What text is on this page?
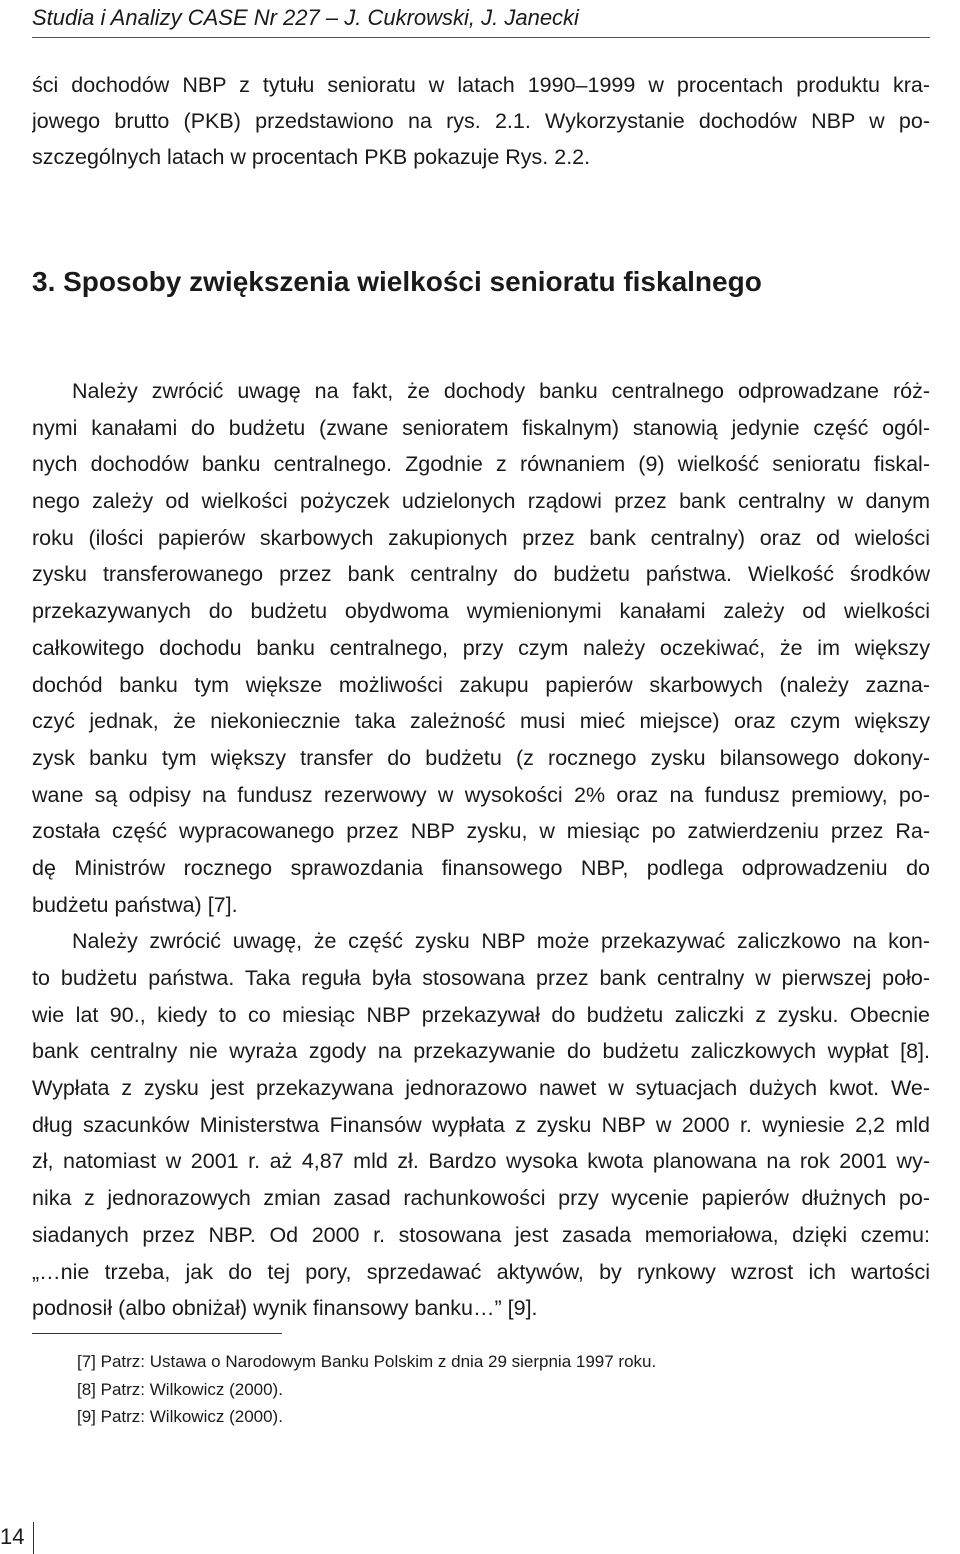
Studia i Analizy CASE Nr 227 – J. Cukrowski, J. Janecki
ści dochodów NBP z tytułu senioratu w latach 1990–1999 w procentach produktu kra-
jowego brutto (PKB) przedstawiono na rys. 2.1. Wykorzystanie dochodów NBP w po-
szczególnych latach w procentach PKB pokazuje Rys. 2.2.
3. Sposoby zwiększenia wielkości senioratu fiskalnego
Należy zwrócić uwagę na fakt, że dochody banku centralnego odprowadzane róż-
nymi kanałami do budżetu (zwane senioratem fiskalnym) stanowią jedynie część ogól-
nych dochodów banku centralnego. Zgodnie z równaniem (9) wielkość senioratu fiskal-
nego zależy od wielkości pożyczek udzielonych rządowi przez bank centralny w danym
roku (ilości papierów skarbowych zakupionych przez bank centralny) oraz od wielości
zysku transferowanego przez bank centralny do budżetu państwa. Wielkość środków
przekazywanych do budżetu obydwoma wymienionymi kanałami zależy od wielkości
całkowitego dochodu banku centralnego, przy czym należy oczekiwać, że im większy
dochód banku tym większe możliwości zakupu papierów skarbowych (należy zazna-
czyć jednak, że niekoniecznie taka zależność musi mieć miejsce) oraz czym większy
zysk banku tym większy transfer do budżetu (z rocznego zysku bilansowego dokony-
wane są odpisy na fundusz rezerwowy w wysokości 2% oraz na fundusz premiowy, po-
została część wypracowanego przez NBP zysku, w miesiąc po zatwierdzeniu przez Ra-
dę Ministrów rocznego sprawozdania finansowego NBP, podlega odprowadzeniu do
budżetu państwa) [7].
Należy zwrócić uwagę, że część zysku NBP może przekazywać zaliczkowo na kon-
to budżetu państwa. Taka reguła była stosowana przez bank centralny w pierwszej poło-
wie lat 90., kiedy to co miesiąc NBP przekazywał do budżetu zaliczki z zysku. Obecnie
bank centralny nie wyraża zgody na przekazywanie do budżetu zaliczkowych wypłat [8].
Wypłata z zysku jest przekazywana jednorazowo nawet w sytuacjach dużych kwot. We-
dług szacunków Ministerstwa Finansów wypłata z zysku NBP w 2000 r. wyniesie 2,2 mld
zł, natomiast w 2001 r. aż 4,87 mld zł. Bardzo wysoka kwota planowana na rok 2001 wy-
nika z jednorazowych zmian zasad rachunkowości przy wycenie papierów dłużnych po-
siadanych przez NBP. Od 2000 r. stosowana jest zasada memoriałowa, dzięki czemu:
„…nie trzeba, jak do tej pory, sprzedawać aktywów, by rynkowy wzrost ich wartości
podnosił (albo obniżał) wynik finansowy banku…” [9].
[7] Patrz: Ustawa o Narodowym Banku Polskim z dnia 29 sierpnia 1997 roku.
[8] Patrz: Wilkowicz (2000).
[9] Patrz: Wilkowicz (2000).
14
